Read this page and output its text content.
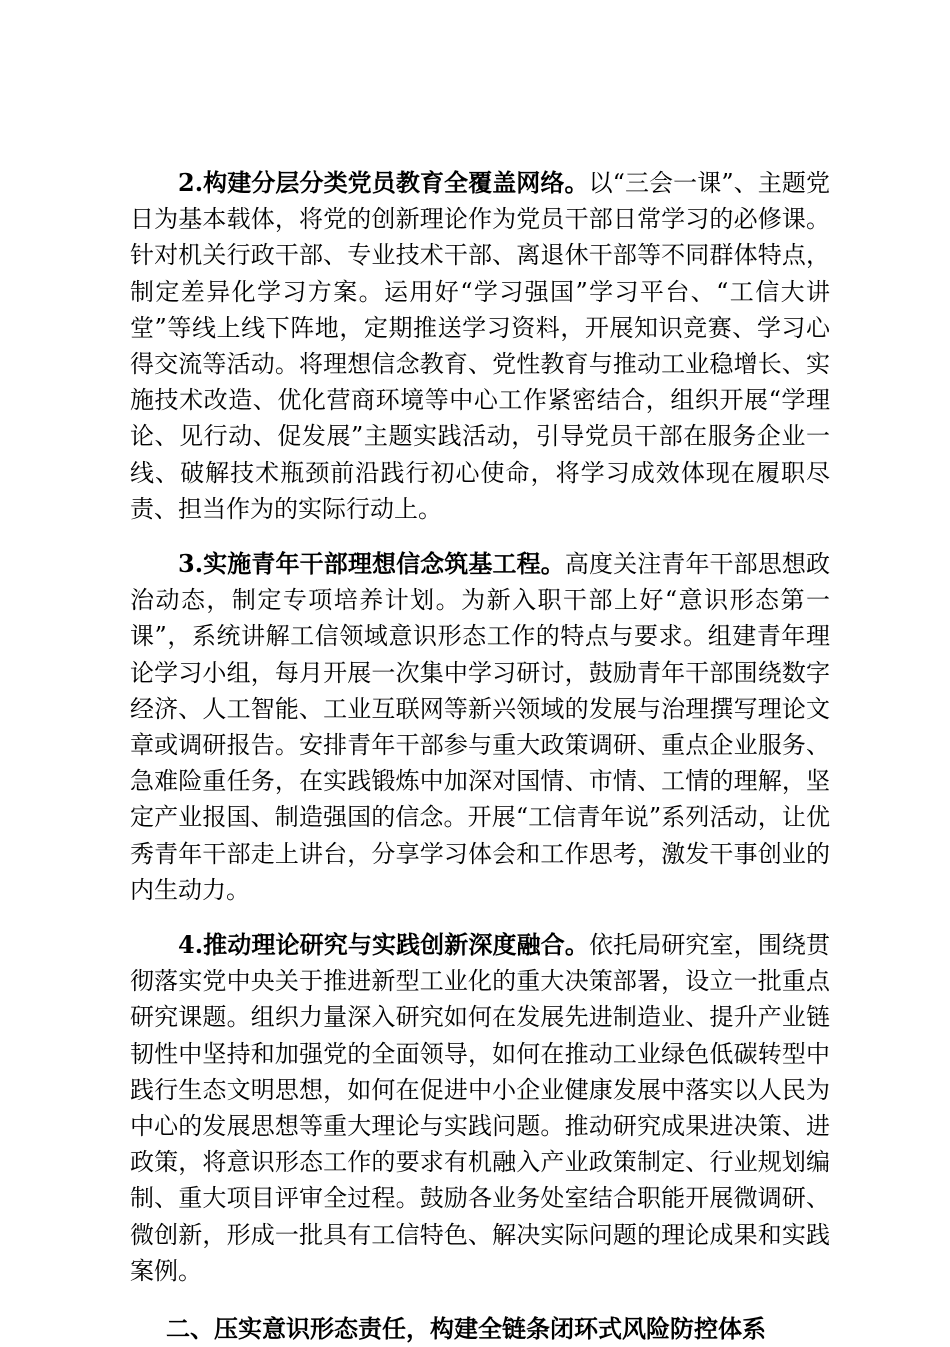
2.构建分层分类党员教育全覆盖网络。以“三会一课”、主题党日为基本载体，将党的创新理论作为党员干部日常学习的必修课。针对机关行政干部、专业技术干部、离退休干部等不同群体特点，制定差异化学习方案。运用好“学习强国”学习平台、“工信大讲堂”等线上线下阵地，定期推送学习资料，开展知识竞赛、学习心得交流等活动。将理想信念教育、党性教育与推动工业稳增长、实施技术改造、优化营商环境等中心工作紧密结合，组织开展“学理论、见行动、促发展”主题实践活动，引导党员干部在服务企业一线、破解技术瓶颈前沿践行初心使命，将学习成效体现在履职尽责、担当作为的实际行动上。

3.实施青年干部理想信念筑基工程。高度关注青年干部思想政治动态，制定专项培养计划。为新入职干部上好“意识形态第一课”，系统讲解工信领域意识形态工作的特点与要求。组建青年理论学习小组，每月开展一次集中学习研讨，鼓励青年干部围绕数字经济、人工智能、工业互联网等新兴领域的发展与治理撰写理论文章或调研报告。安排青年干部参与重大政策调研、重点企业服务、急难险重任务，在实践锻炼中加深对国情、市情、工情的理解，坚定产业报国、制造强国的信念。开展“工信青年说”系列活动，让优秀青年干部走上讲台，分享学习体会和工作思考，激发干事创业的内生动力。

4.推动理论研究与实践创新深度融合。依托局研究室，围绕贯彻落实党中央关于推进新型工业化的重大决策部署，设立一批重点研究课题。组织力量深入研究如何在发展先进制造业、提升产业链韧性中坚持和加强党的全面领导，如何在推动工业绿色低碳转型中践行生态文明思想，如何在促进中小企业健康发展中落实以人民为中心的发展思想等重大理论与实践问题。推动研究成果进决策、进政策，将意识形态工作的要求有机融入产业政策制定、行业规划编制、重大项目评审全过程。鼓励各业务处室结合职能开展微调研、微创新，形成一批具有工信特色、解决实际问题的理论成果和实践案例。

二、压实意识形态责任，构建全链条闭环式风险防控体系
